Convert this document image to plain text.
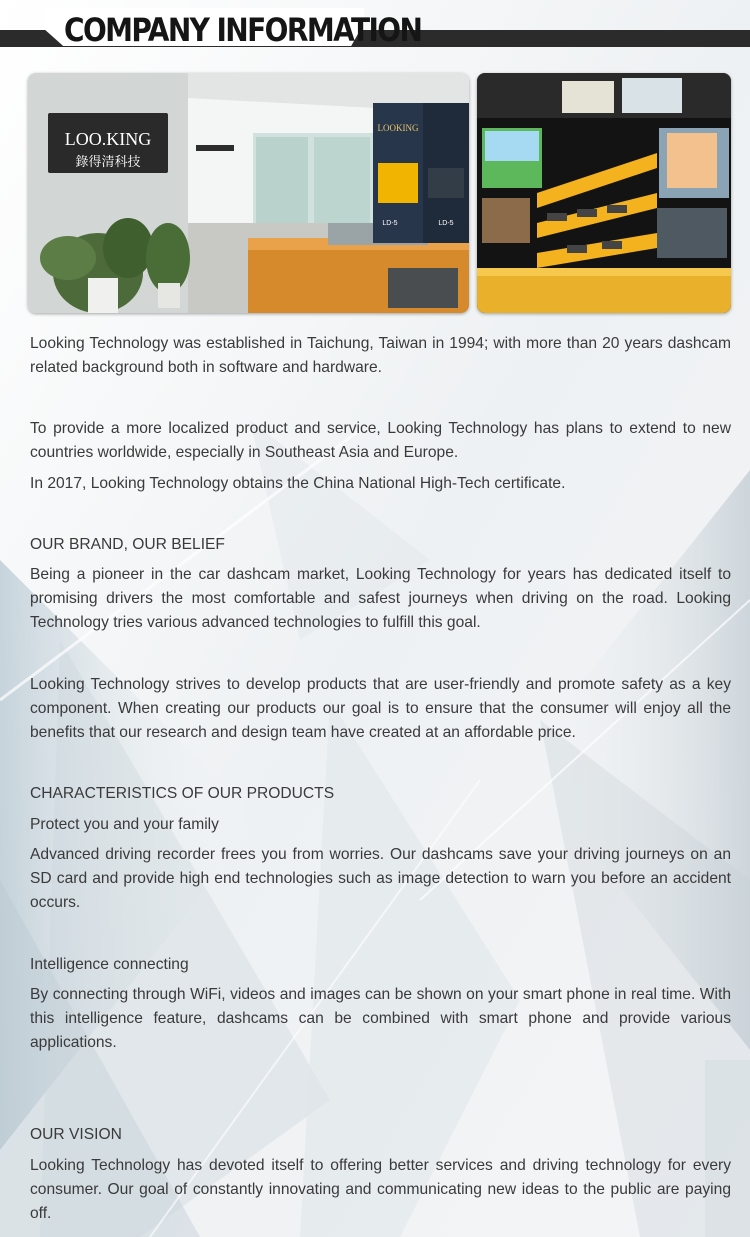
COMPANY INFORMATION
LOO.KING
錄得清科技
LOOKING
LD-5	LD-5

Looking Technology was established in Taichung, Taiwan in 1994; with more than 20 years dashcam related background both in software and hardware.

To provide a more localized product and service, Looking Technology has plans to extend to new countries worldwide, especially in Southeast Asia and Europe.

In 2017, Looking Technology obtains the China National High-Tech certificate.

OUR BRAND, OUR BELIEF

Being a pioneer in the car dashcam market, Looking Technology for years has dedicated itself to promising drivers the most comfortable and safest journeys when driving on the road. Looking Technology tries various advanced technologies to fulfill this goal.

Looking Technology strives to develop products that are user-friendly and promote safety as a key component. When creating our products our goal is to ensure that the consumer will enjoy all the benefits that our research and design team have created at an affordable price.

CHARACTERISTICS OF OUR PRODUCTS

Protect you and your family

Advanced driving recorder frees you from worries. Our dashcams save your driving journeys on an SD card and provide high end technologies such as image detection to warn you before an accident occurs.

Intelligence connecting

By connecting through WiFi, videos and images can be shown on your smart phone in real time. With this intelligence feature, dashcams can be combined with smart phone and provide various applications.

OUR VISION

Looking Technology has devoted itself to offering better services and driving technology for every consumer. Our goal of constantly innovating and communicating new ideas to the public are paying off.
